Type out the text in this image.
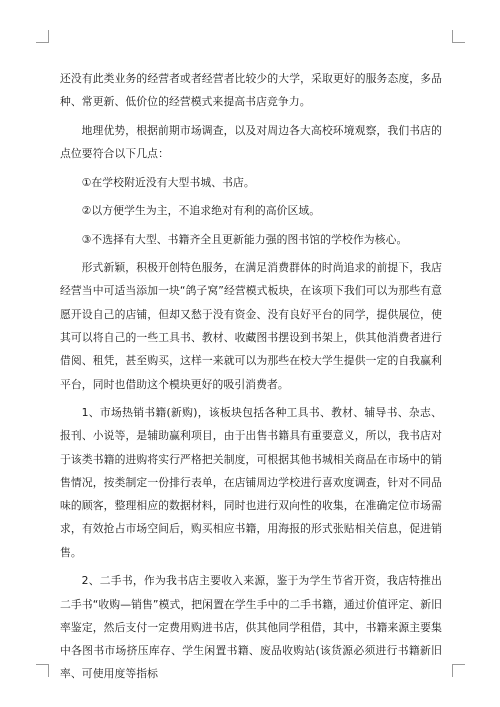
还没有此类业务的经营者或者经营者比较少的大学，采取更好的服务态度，多品种、常更新、低价位的经营模式来提高书店竞争力。

地理优势，根据前期市场调查，以及对周边各大高校环境观察，我们书店的点位要符合以下几点：

①在学校附近没有大型书城、书店。

②以方便学生为主，不追求绝对有利的高价区域。

③不选择有大型、书籍齐全且更新能力强的图书馆的学校作为核心。

形式新颖，积极开创特色服务，在满足消费群体的时尚追求的前提下，我店经营当中可适当添加一块“鸽子窝”经营模式板块，在该项下我们可以为那些有意愿开设自己的店铺，但却又愁于没有资金、没有良好平台的同学，提供展位，使其可以将自己的一些工具书、教材、收藏图书摆设到书架上，供其他消费者进行借阅、租凭，甚至购买，这样一来就可以为那些在校大学生提供一定的自我赢利平台，同时也借助这个模块更好的吸引消费者。

1、市场热销书籍(新购)，该板块包括各种工具书、教材、辅导书、杂志、报刊、小说等，是辅助赢利项目，由于出售书籍具有重要意义，所以，我书店对于该类书籍的进购将实行严格把关制度，可根据其他书城相关商品在市场中的销售情况，按类制定一份排行表单，在店铺周边学校进行喜欢度调查，针对不同品味的顾客，整理相应的数据材料，同时也进行双向性的收集，在准确定位市场需求，有效抢占市场空间后，购买相应书籍，用海报的形式张贴相关信息，促进销售。

2、二手书，作为我书店主要收入来源，鉴于为学生节省开资，我店特推出二手书“收购—销售”模式，把闲置在学生手中的二手书籍，通过价值评定、新旧率鉴定，然后支付一定费用购进书店，供其他同学租借，其中，书籍来源主要集中各图书市场挤压库存、学生闲置书籍、废品收购站(该货源必须进行书籍新旧率、可使用度等指标
